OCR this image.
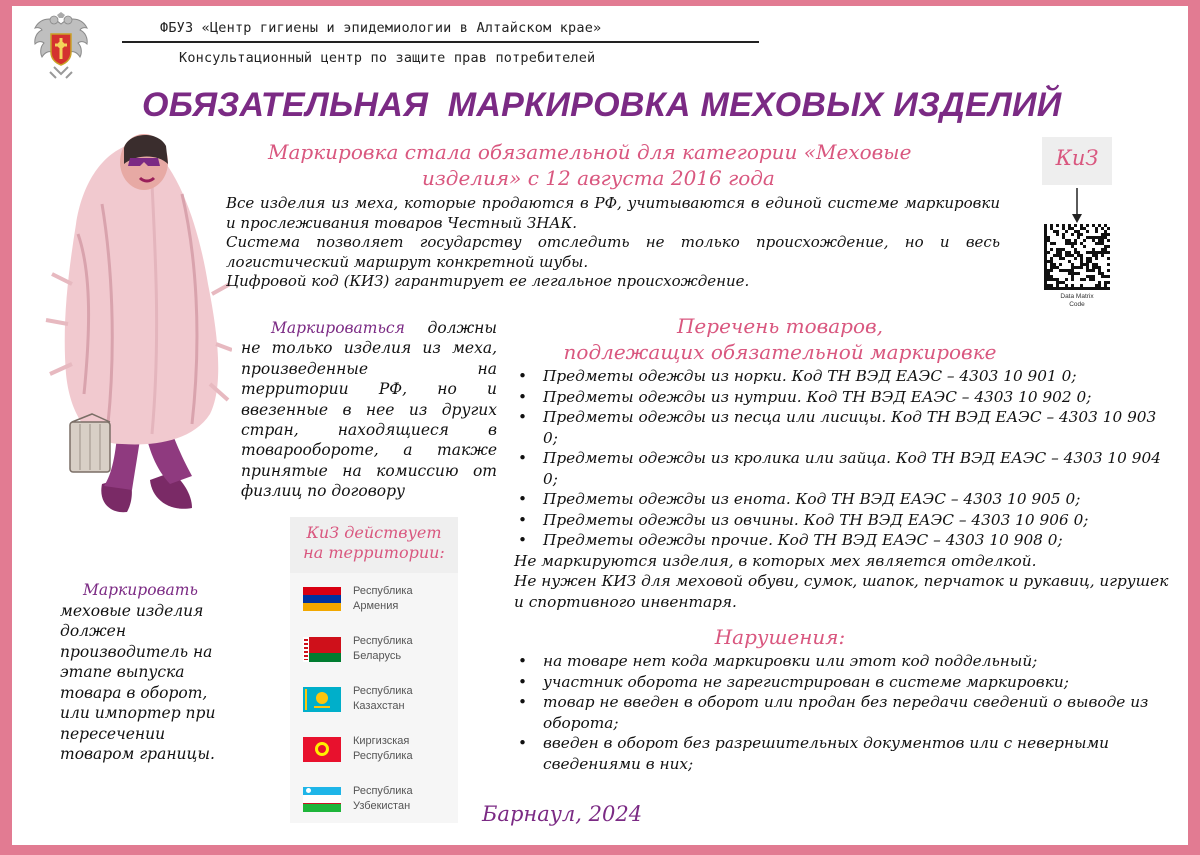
ФБУЗ «Центр гигиены и эпидемиологии в Алтайском крае»
Консультационный центр по защите прав потребителей
ОБЯЗАТЕЛЬНАЯ  МАРКИРОВКА МЕХОВЫХ ИЗДЕЛИЙ
Маркировка стала обязательной для категории «Меховые
изделия» с 12 августа 2016 года

Все изделия из меха, которые продаются в РФ, учитываются в единой системе маркировки и прослеживания товаров Честный ЗНАК.

Система позволяет государству отследить не только происхождение, но и весь логистический маршрут конкретной шубы.

Цифровой код (КИЗ) гарантирует ее легальное происхождение.

КиЗ
Data Matrix
Code
Маркироваться должны не только изделия из меха, произведенные на территории РФ, но и ввезенные в нее из других стран, находящиеся в товарообороте, а также принятые на комиссию от физлиц по договору
КиЗ действует
на территории:
Республика
Армения
Республика
Беларусь
Республика
Казахстан
Киргизская
Республика
Республика
Узбекистан
Маркировать
меховые изделия должен производитель на этапе выпуска товара в оборот, или импортер при пересечении товаром границы.
Перечень товаров,
подлежащих обязательной маркировке
• Предметы одежды из норки. Код ТН ВЭД ЕАЭС – 4303 10 901 0;
• Предметы одежды из нутрии. Код ТН ВЭД ЕАЭС – 4303 10 902 0;
• Предметы одежды из песца или лисицы. Код ТН ВЭД ЕАЭС – 4303 10 903 0;
• Предметы одежды из кролика или зайца. Код ТН ВЭД ЕАЭС – 4303 10 904 0;
• Предметы одежды из енота. Код ТН ВЭД ЕАЭС – 4303 10 905 0;
• Предметы одежды из овчины. Код ТН ВЭД ЕАЭС – 4303 10 906 0;
• Предметы одежды прочие. Код ТН ВЭД ЕАЭС – 4303 10 908 0;

Не маркируются изделия, в которых мех является отделкой.

Не нужен КИЗ для меховой обуви, сумок, шапок, перчаток и рукавиц, игрушек и спортивного инвентаря.

Нарушения:
• на товаре нет кода маркировки или этот код поддельный;
• участник оборота не зарегистрирован в системе маркировки;
• товар не введен в оборот или продан без передачи сведений о выводе из оборота;
• введен в оборот без разрешительных документов или с неверными сведениями в них;
Барнаул, 2024
